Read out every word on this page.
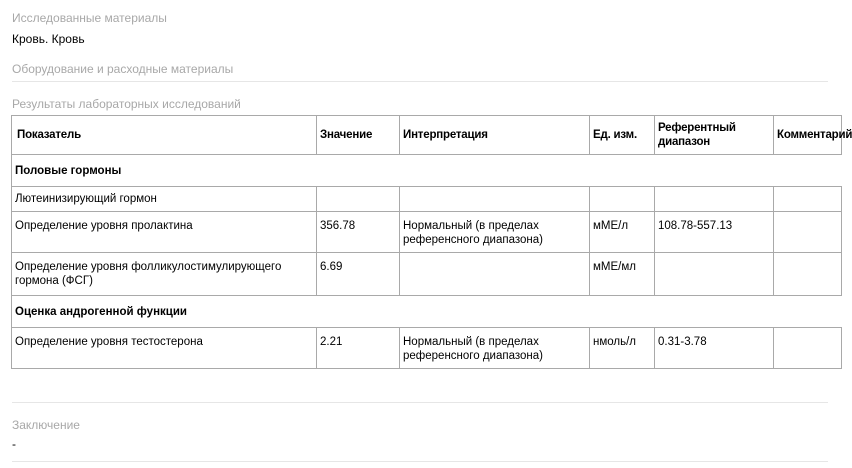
Исследованные материалы
Кровь. Кровь
Оборудование и расходные материалы
Результаты лабораторных исследований
Показатель	Значение	Интерпретация	Ед. изм.	Референтный диапазон	Комментарий
Половые гормоны					
Лютеинизирующий гормон					
Определение уровня пролактина	356.78	Нормальный (в пределах референсного диапазона)	мМЕ/л	108.78-557.13	
Определение уровня фолликулостимулирующего гормона (ФСГ)	6.69		мМЕ/мл		
Оценка андрогенной функции					
Определение уровня тестостерона	2.21	Нормальный (в пределах референсного диапазона)	нмоль/л	0.31-3.78	
Заключение
-
